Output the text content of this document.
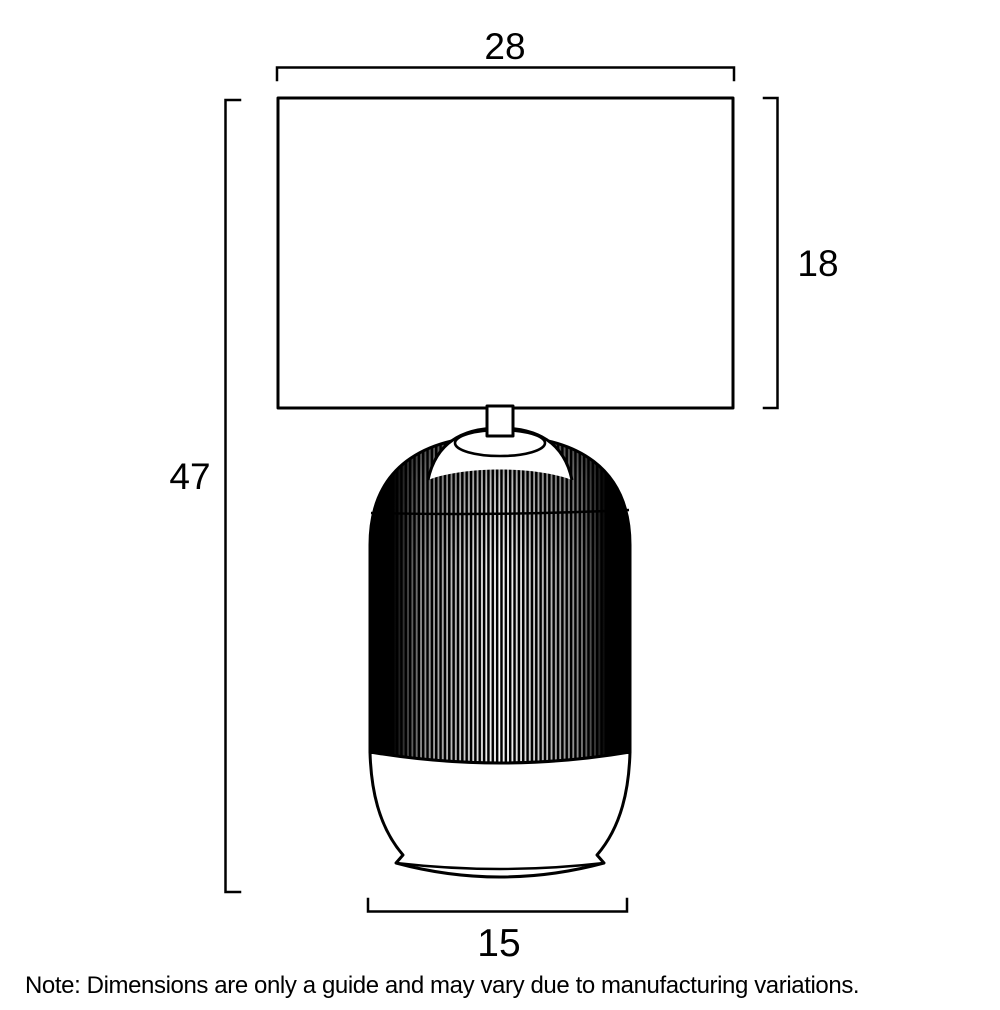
28
18
47
15
Note: Dimensions are only a guide and may vary due to manufacturing variations.
